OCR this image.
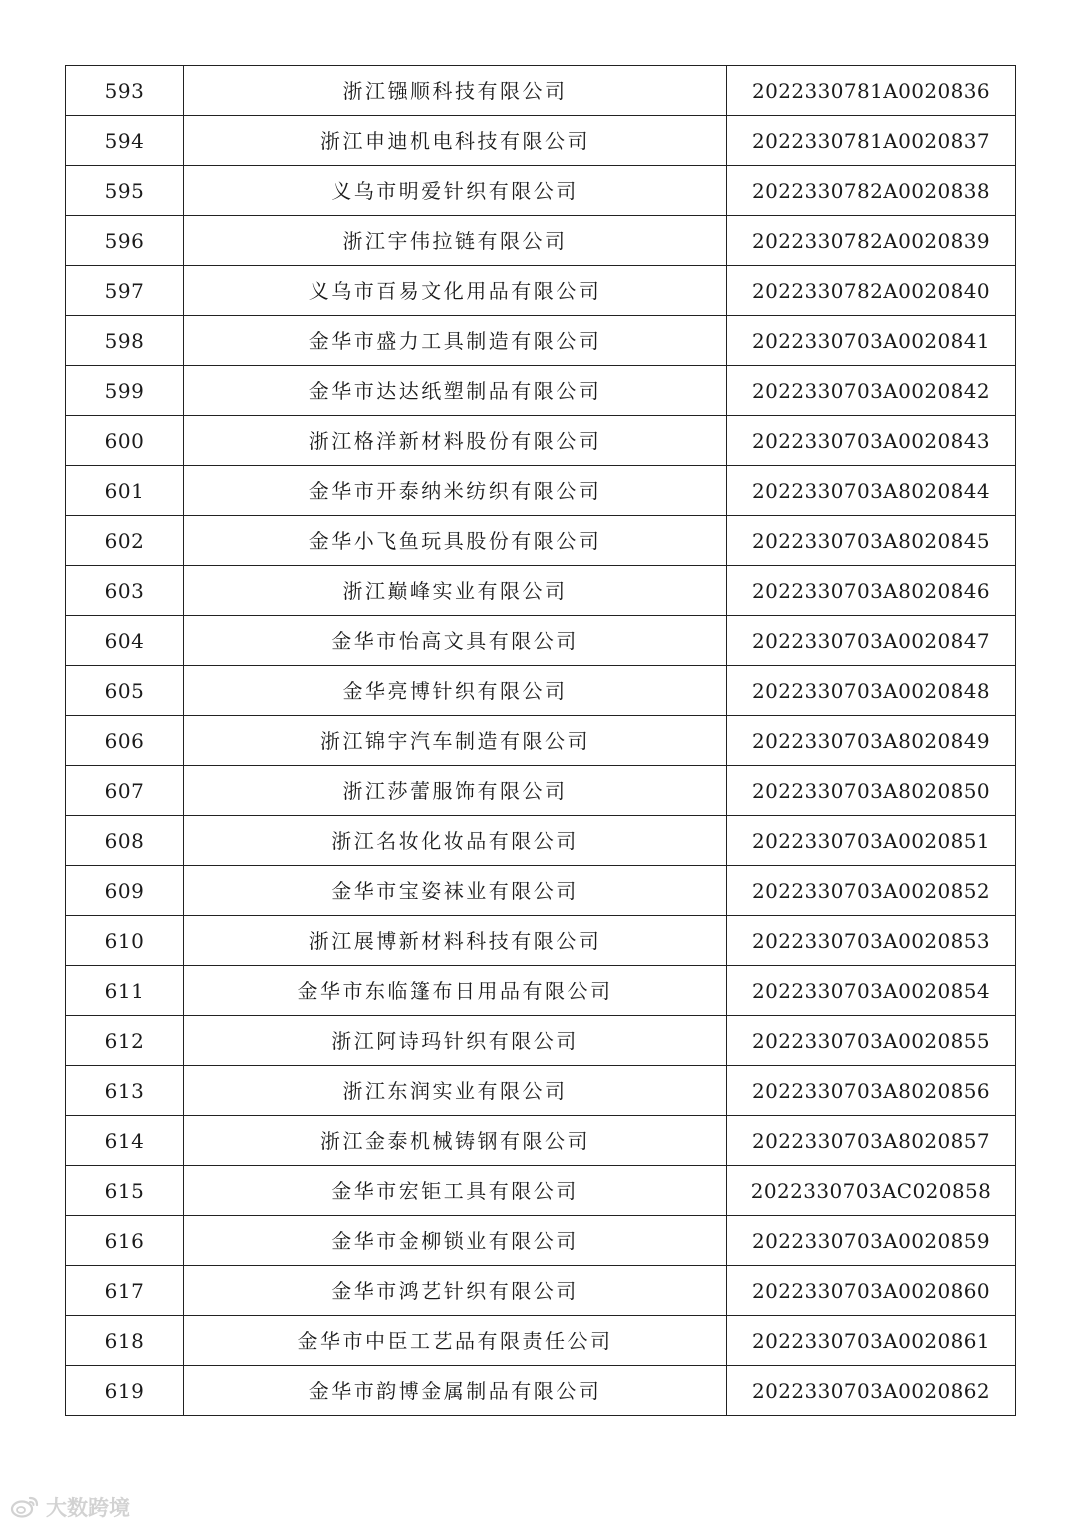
593	浙江镪顺科技有限公司	2022330781A0020836
594	浙江申迪机电科技有限公司	2022330781A0020837
595	义乌市明爱针织有限公司	2022330782A0020838
596	浙江宇伟拉链有限公司	2022330782A0020839
597	义乌市百易文化用品有限公司	2022330782A0020840
598	金华市盛力工具制造有限公司	2022330703A0020841
599	金华市达达纸塑制品有限公司	2022330703A0020842
600	浙江格洋新材料股份有限公司	2022330703A0020843
601	金华市开泰纳米纺织有限公司	2022330703A8020844
602	金华小飞鱼玩具股份有限公司	2022330703A8020845
603	浙江巅峰实业有限公司	2022330703A8020846
604	金华市怡高文具有限公司	2022330703A0020847
605	金华亮博针织有限公司	2022330703A0020848
606	浙江锦宇汽车制造有限公司	2022330703A8020849
607	浙江莎蕾服饰有限公司	2022330703A8020850
608	浙江名妆化妆品有限公司	2022330703A0020851
609	金华市宝姿袜业有限公司	2022330703A0020852
610	浙江展博新材料科技有限公司	2022330703A0020853
611	金华市东临篷布日用品有限公司	2022330703A0020854
612	浙江阿诗玛针织有限公司	2022330703A0020855
613	浙江东润实业有限公司	2022330703A8020856
614	浙江金泰机械铸钢有限公司	2022330703A8020857
615	金华市宏钜工具有限公司	2022330703AC020858
616	金华市金柳锁业有限公司	2022330703A0020859
617	金华市鸿艺针织有限公司	2022330703A0020860
618	金华市中臣工艺品有限责任公司	2022330703A0020861
619	金华市韵博金属制品有限公司	2022330703A0020862
大数跨境
